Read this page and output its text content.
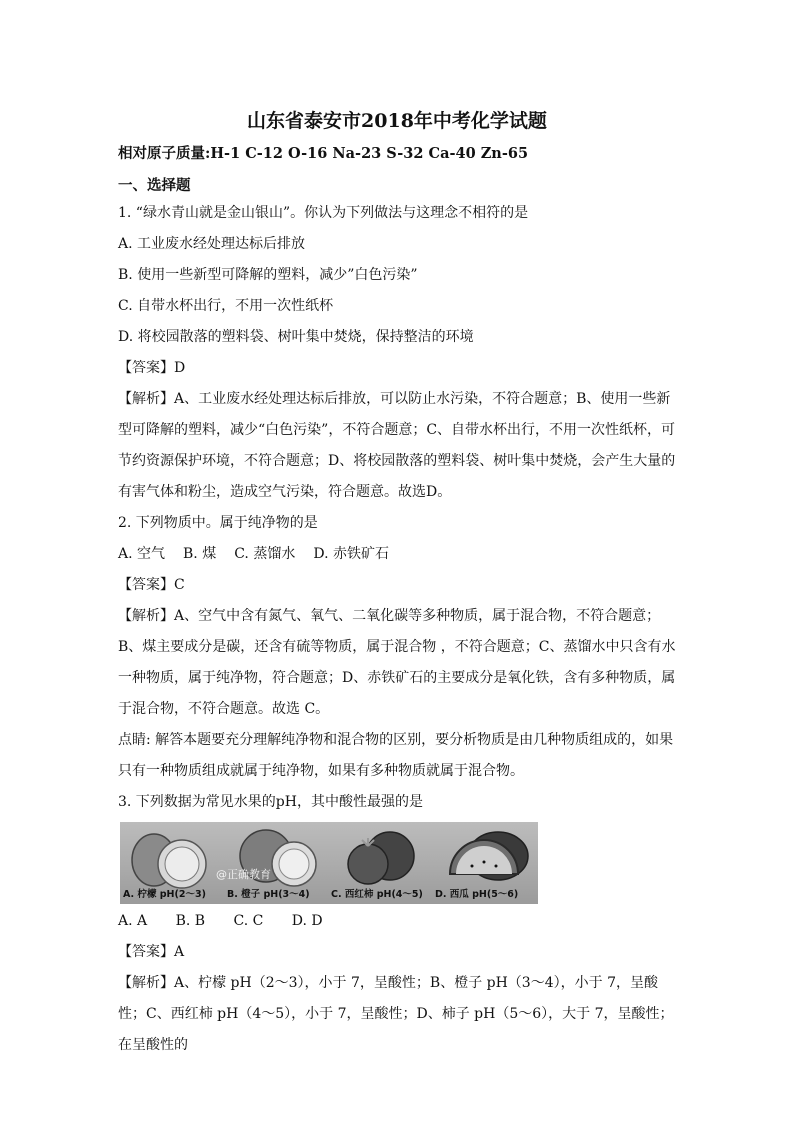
山东省泰安市2018年中考化学试题
相对原子质量:H-1 C-12 O-16 Na-23 S-32 Ca-40 Zn-65
一、选择题
1. “绿水青山就是金山银山”。你认为下列做法与这理念不相符的是
A. 工业废水经处理达标后排放
B. 使用一些新型可降解的塑料，减少”白色污染”
C. 自带水杯出行，不用一次性纸杯
D. 将校园散落的塑料袋、树叶集中焚烧，保持整洁的环境
【答案】D
【解析】A、工业废水经处理达标后排放，可以防止水污染，不符合题意；B、使用一些新型可降解的塑料，减少“白色污染”，不符合题意；C、自带水杯出行，不用一次性纸杯，可节约资源保护环境，不符合题意；D、将校园散落的塑料袋、树叶集中焚烧，会产生大量的有害气体和粉尘，造成空气污染，符合题意。故选D。
2. 下列物质中。属于纯净物的是
A. 空气 B. 煤 C. 蒸馏水 D. 赤铁矿石
【答案】C
【解析】A、空气中含有氮气、氧气、二氧化碳等多种物质，属于混合物，不符合题意；B、煤主要成分是碳，还含有硫等物质，属于混合物 ，不符合题意；C、蒸馏水中只含有水一种物质，属于纯净物，符合题意；D、赤铁矿石的主要成分是氧化铁，含有多种物质，属于混合物，不符合题意。故选 C。
点睛: 解答本题要充分理解纯净物和混合物的区别，要分析物质是由几种物质组成的，如果只有一种物质组成就属于纯净物，如果有多种物质就属于混合物。
3. 下列数据为常见水果的pH，其中酸性最强的是
A. 柠檬 pH(2～3) B. 橙子 pH(3～4) C. 西红柿 pH(4～5) D. 西瓜 pH(5～6)
@正确教育
A. A B. B C. C D. D
【答案】A
【解析】A、柠檬 pH（2～3），小于 7，呈酸性；B、橙子 pH（3～4），小于 7，呈酸性；C、西红柿 pH（4～5），小于 7，呈酸性；D、柿子 pH（5～6），大于 7，呈酸性；在呈酸性的
